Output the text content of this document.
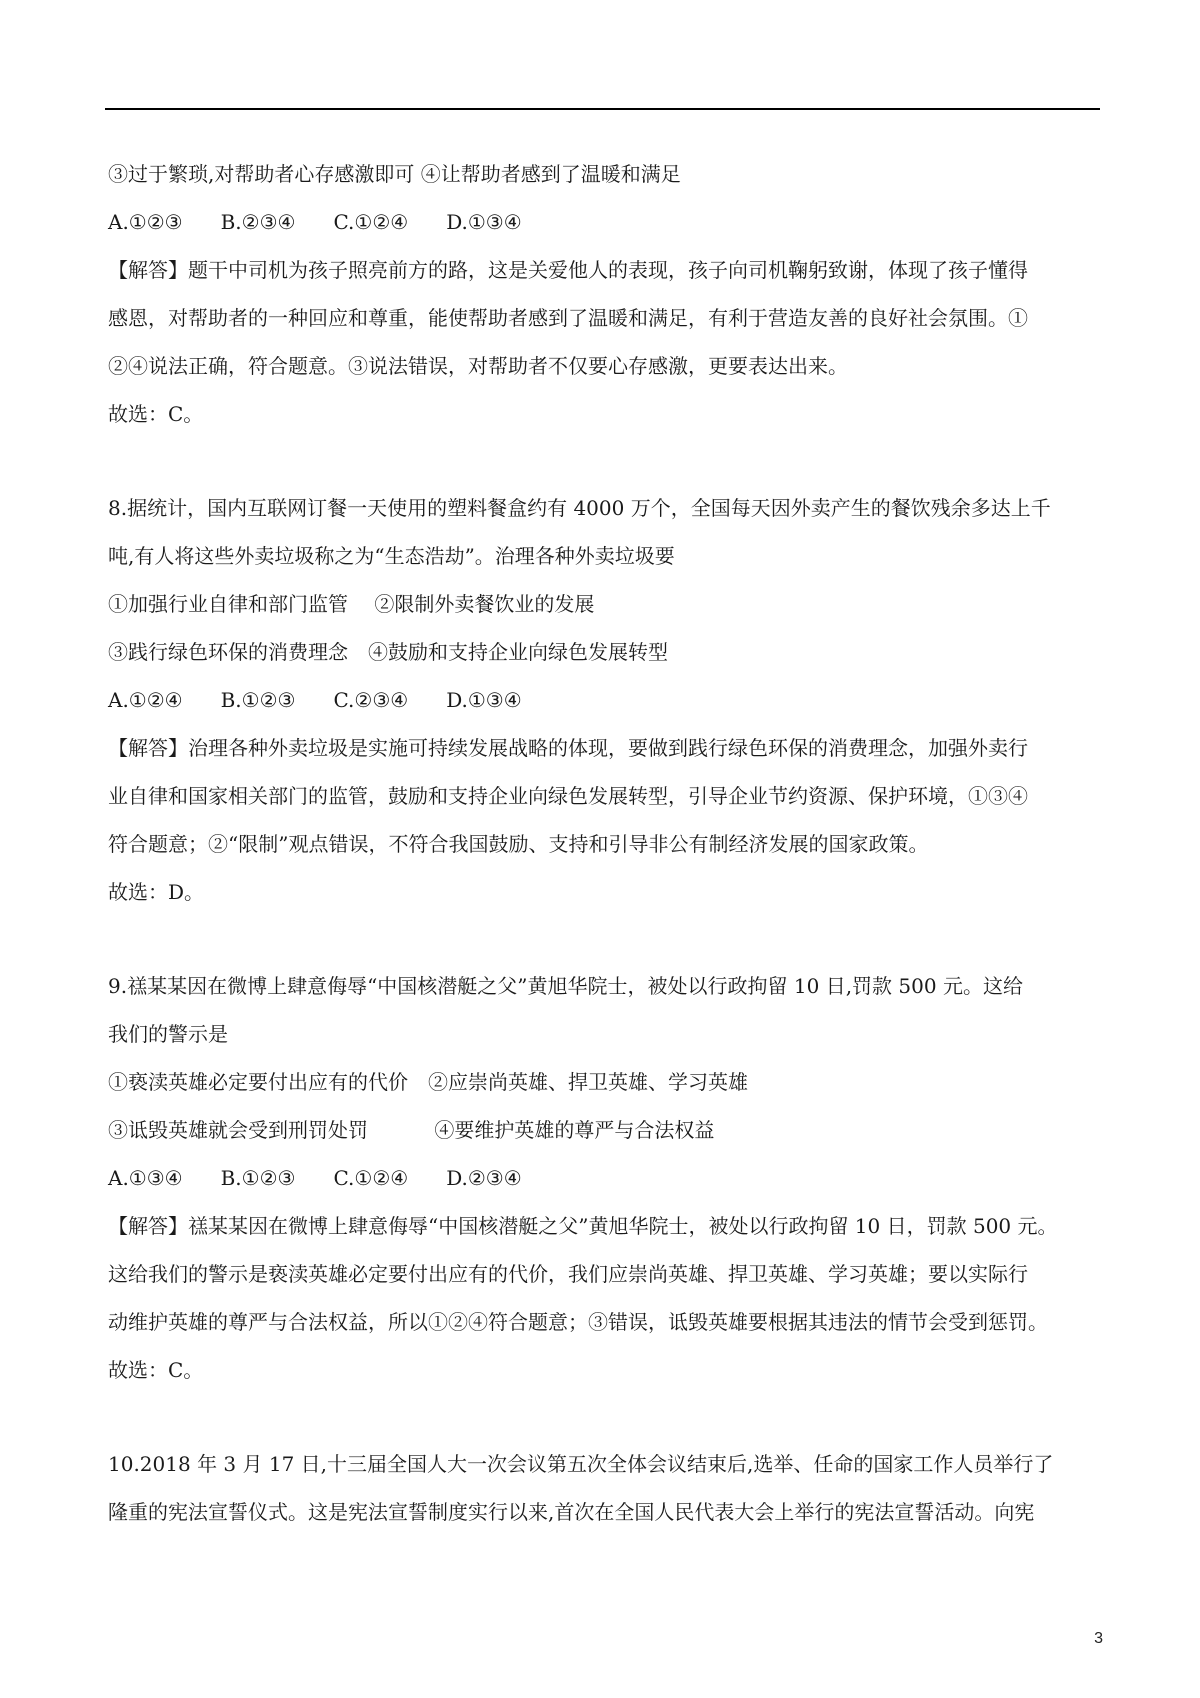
③过于繁琐,对帮助者心存感激即可 ④让帮助者感到了温暖和满足
A.①②③ B.②③④ C.①②④ D.①③④
【解答】题干中司机为孩子照亮前方的路，这是关爱他人的表现，孩子向司机鞠躬致谢，体现了孩子懂得
感恩，对帮助者的一种回应和尊重，能使帮助者感到了温暖和满足，有利于营造友善的良好社会氛围。①
②④说法正确，符合题意。③说法错误，对帮助者不仅要心存感激，更要表达出来。
故选：C。
8.据统计，国内互联网订餐一天使用的塑料餐盒约有 4000 万个，全国每天因外卖产生的餐饮残余多达上千
吨,有人将这些外卖垃圾称之为“生态浩劫”。治理各种外卖垃圾要
①加强行业自律和部门监管　 ②限制外卖餐饮业的发展
③践行绿色环保的消费理念　④鼓励和支持企业向绿色发展转型
A.①②④ B.①②③ C.②③④ D.①③④
【解答】治理各种外卖垃圾是实施可持续发展战略的体现，要做到践行绿色环保的消费理念，加强外卖行
业自律和国家相关部门的监管，鼓励和支持企业向绿色发展转型，引导企业节约资源、保护环境，①③④
符合题意；②“限制”观点错误，不符合我国鼓励、支持和引导非公有制经济发展的国家政策。
故选：D。
9.禚某某因在微博上肆意侮辱“中国核潜艇之父”黄旭华院士，被处以行政拘留 10 日,罚款 500 元。这给
我们的警示是
①亵渎英雄必定要付出应有的代价　②应崇尚英雄、捍卫英雄、学习英雄
③诋毁英雄就会受到刑罚处罚　　　 ④要维护英雄的尊严与合法权益
A.①③④ B.①②③ C.①②④ D.②③④
【解答】禚某某因在微博上肆意侮辱“中国核潜艇之父”黄旭华院士，被处以行政拘留 10 日，罚款 500 元。
这给我们的警示是亵渎英雄必定要付出应有的代价，我们应崇尚英雄、捍卫英雄、学习英雄；要以实际行
动维护英雄的尊严与合法权益，所以①②④符合题意；③错误，诋毁英雄要根据其违法的情节会受到惩罚。
故选：C。
10.2018 年 3 月 17 日,十三届全国人大一次会议第五次全体会议结束后,选举、任命的国家工作人员举行了
隆重的宪法宣誓仪式。这是宪法宣誓制度实行以来,首次在全国人民代表大会上举行的宪法宣誓活动。向宪
3
